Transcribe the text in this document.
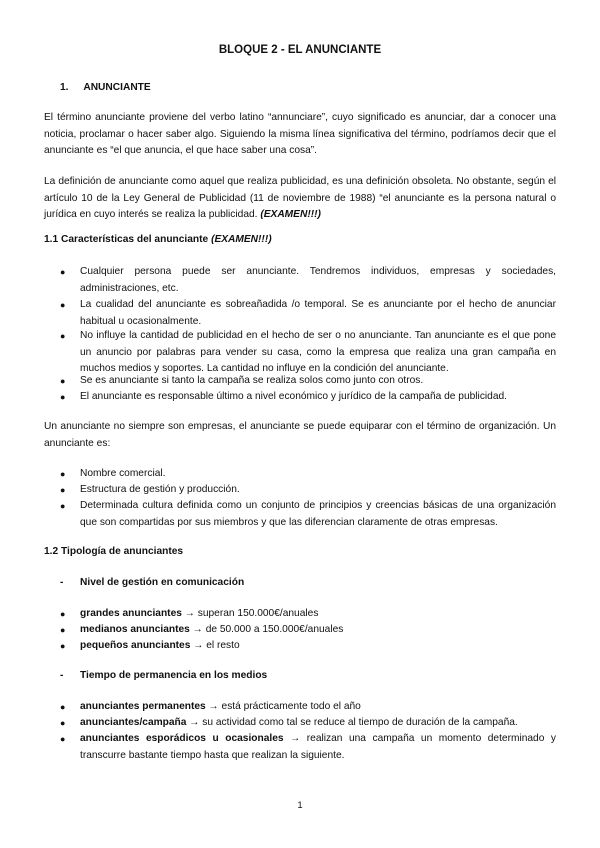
BLOQUE 2 - EL ANUNCIANTE
1. ANUNCIANTE
El término anunciante proviene del verbo latino “annunciare”, cuyo significado es anunciar, dar a conocer una noticia, proclamar o hacer saber algo. Siguiendo la misma línea significativa del término, podríamos decir que el anunciante es “el que anuncia, el que hace saber una cosa”.
La definición de anunciante como aquel que realiza publicidad, es una definición obsoleta. No obstante, según el artículo 10 de la Ley General de Publicidad (11 de noviembre de 1988) “el anunciante es la persona natural o jurídica en cuyo interés se realiza la publicidad. (EXAMEN!!!)
1.1 Características del anunciante (EXAMEN!!!)
● Cualquier persona puede ser anunciante. Tendremos individuos, empresas y sociedades, administraciones, etc.
● La cualidad del anunciante es sobreañadida /o temporal. Se es anunciante por el hecho de anunciar habitual u ocasionalmente.
● No influye la cantidad de publicidad en el hecho de ser o no anunciante. Tan anunciante es el que pone un anuncio por palabras para vender su casa, como la empresa que realiza una gran campaña en muchos medios y soportes. La cantidad no influye en la condición del anunciante.
● Se es anunciante si tanto la campaña se realiza solos como junto con otros.
● El anunciante es responsable último a nivel económico y jurídico de la campaña de publicidad.
Un anunciante no siempre son empresas, el anunciante se puede equiparar con el término de organización. Un anunciante es:
● Nombre comercial.
● Estructura de gestión y producción.
● Determinada cultura definida como un conjunto de principios y creencias básicas de una organización que son compartidas por sus miembros y que las diferencian claramente de otras empresas.
1.2 Tipología de anunciantes
- Nivel de gestión en comunicación
● grandes anunciantes → superan 150.000€/anuales
● medianos anunciantes → de 50.000 a 150.000€/anuales
● pequeños anunciantes → el resto
- Tiempo de permanencia en los medios
● anunciantes permanentes → está prácticamente todo el año
● anunciantes/campaña → su actividad como tal se reduce al tiempo de duración de la campaña.
● anunciantes esporádicos u ocasionales → realizan una campaña un momento determinado y transcurre bastante tiempo hasta que realizan la siguiente.
1
